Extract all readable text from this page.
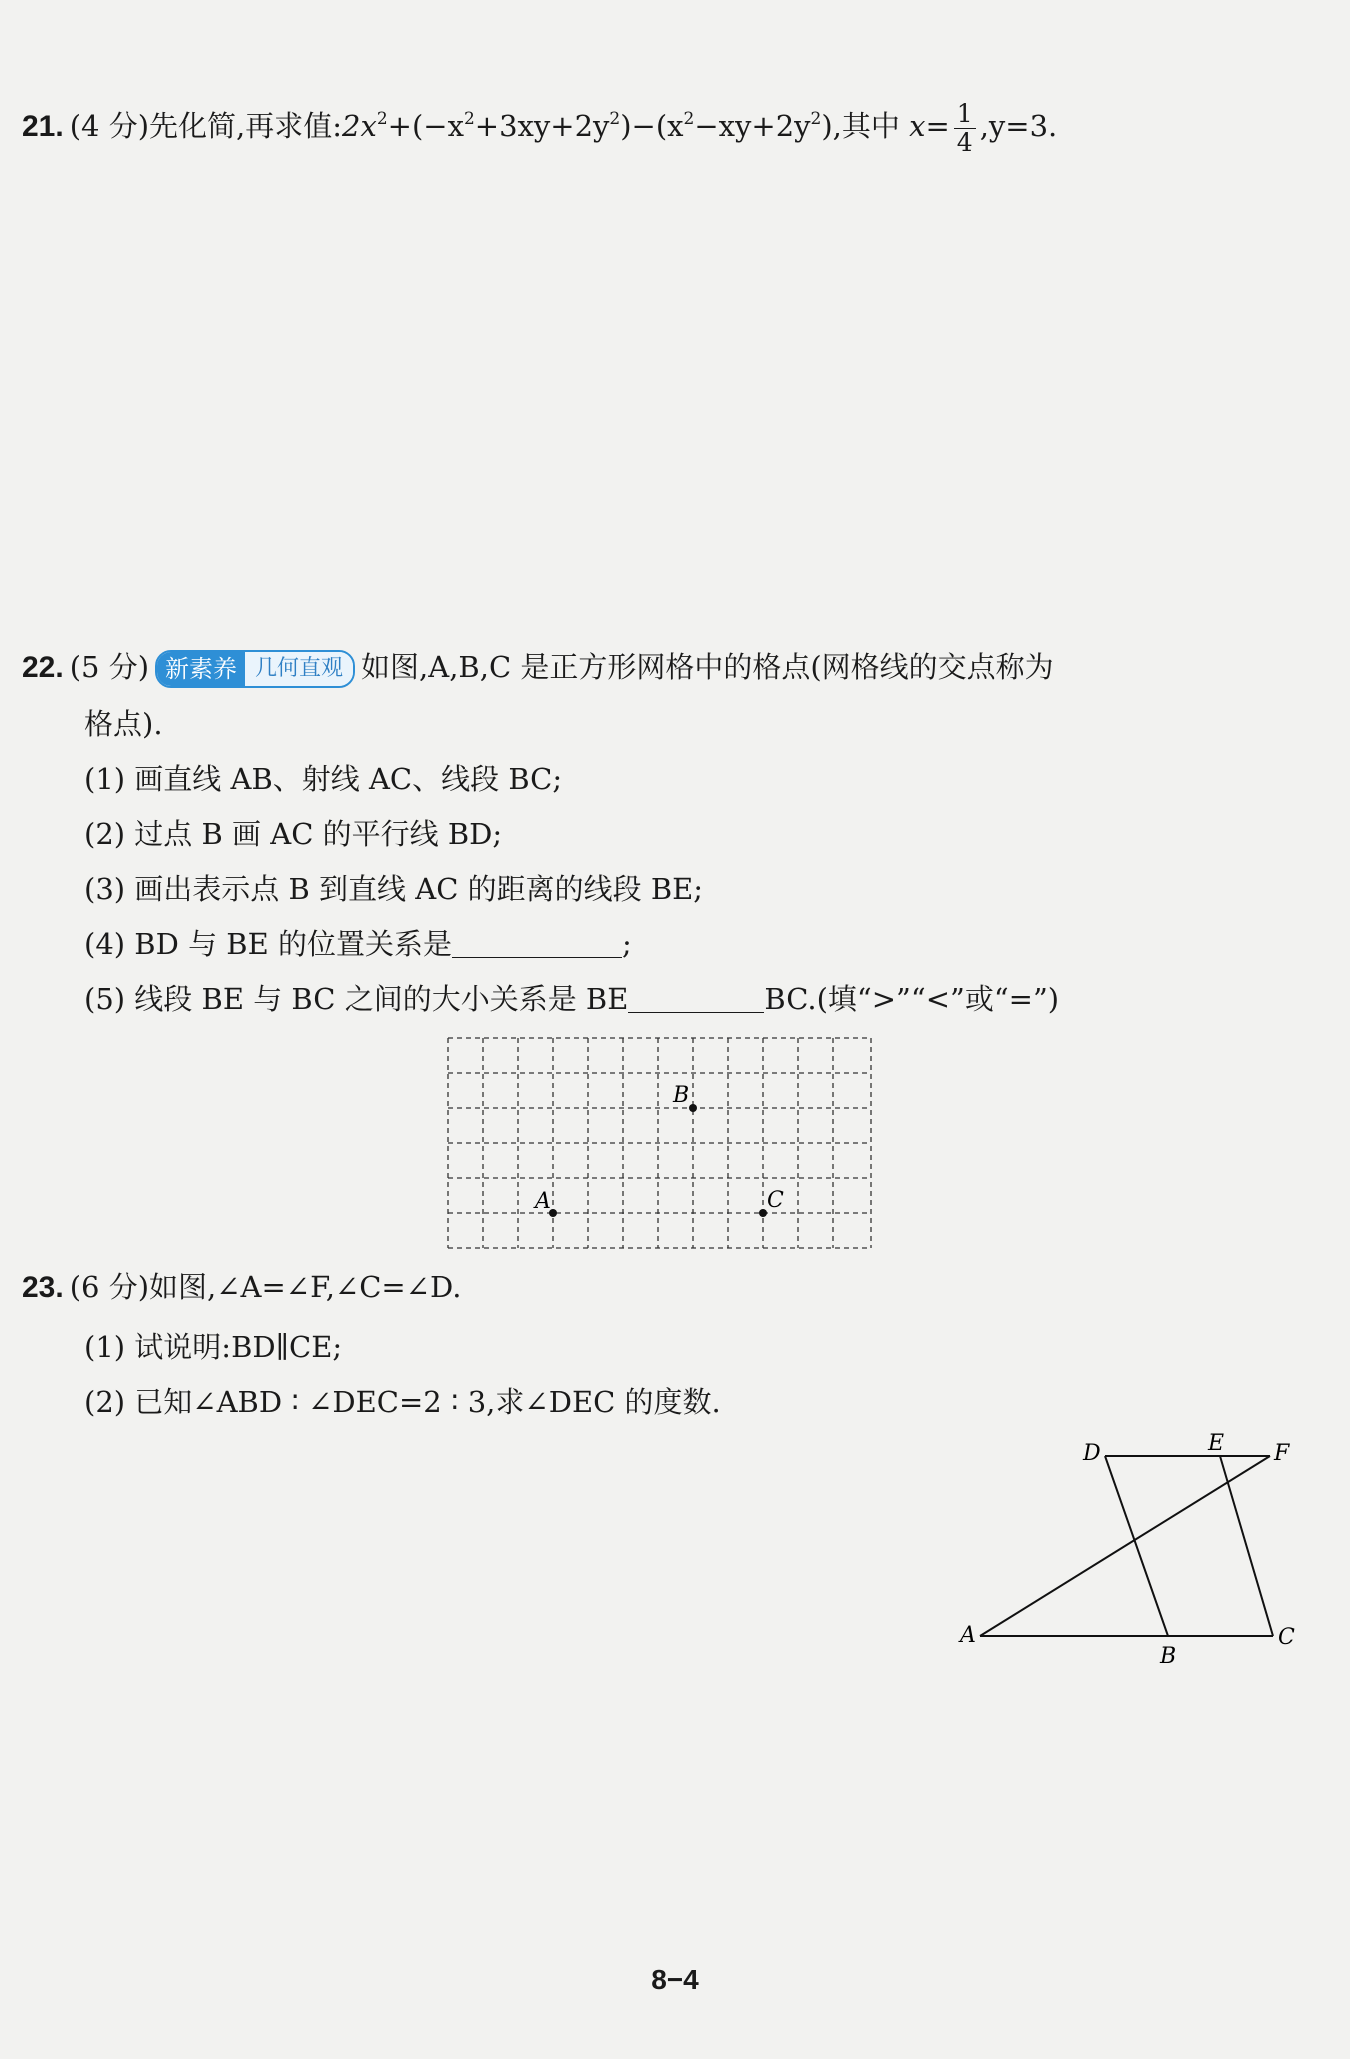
21. (4 分)先化简,再求值$:2x^2+(-x^2+3xy+2y^2)-(x^2-xy+2y^2)$,其中 $x= \frac{1}{4} ,y=3$.
22. (5 分) 新素养 几何直观 如图,A,B,C 是正方形网格中的格点(网格线的交点称为
格点).
(1) 画直线 AB、射线 AC、线段 BC;
(2) 过点 B 画 AC 的平行线 BD;
(3) 画出表示点 B 到直线 AC 的距离的线段 BE;
(4) BD 与 BE 的位置关系是	;
(5) 线段 BE 与 BC 之间的大小关系是 BE	BC.(填“>”“<”或“=”)
B
A	C
23. (6 分)如图,∠A=∠F,∠C=∠D.
(1) 试说明:BD∥CE;
(2) 已知∠ABD ∶ ∠DEC=2 ∶ 3,求∠DEC 的度数.
D	E F
A
B
C
8−4
